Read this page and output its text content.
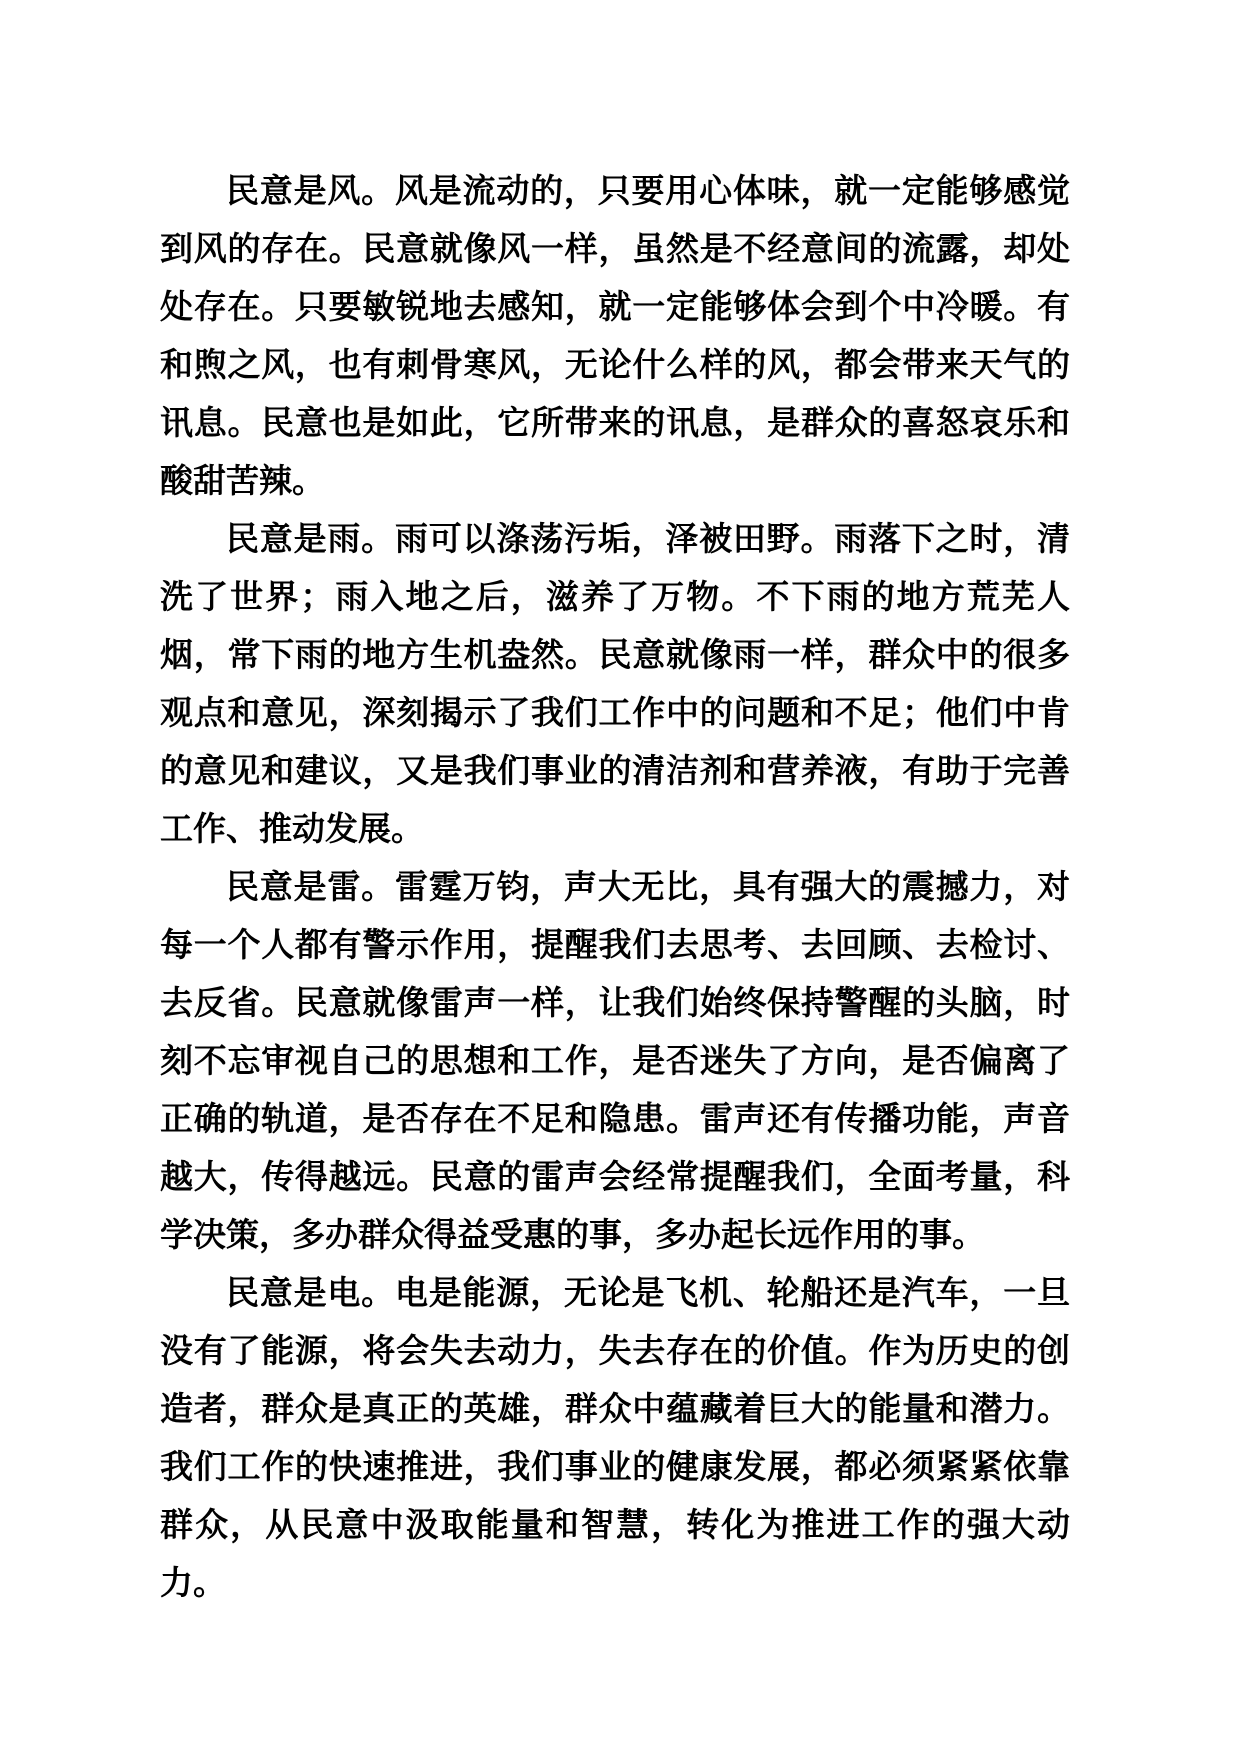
民意是风。风是流动的，只要用心体味，就一定能够感觉到风的存在。民意就像风一样，虽然是不经意间的流露，却处处存在。只要敏锐地去感知，就一定能够体会到个中冷暖。有和煦之风，也有刺骨寒风，无论什么样的风，都会带来天气的讯息。民意也是如此，它所带来的讯息，是群众的喜怒哀乐和酸甜苦辣。

民意是雨。雨可以涤荡污垢，泽被田野。雨落下之时，清洗了世界；雨入地之后，滋养了万物。不下雨的地方荒芜人烟，常下雨的地方生机盎然。民意就像雨一样，群众中的很多观点和意见，深刻揭示了我们工作中的问题和不足；他们中肯的意见和建议，又是我们事业的清洁剂和营养液，有助于完善工作、推动发展。

民意是雷。雷霆万钧，声大无比，具有强大的震撼力，对每一个人都有警示作用，提醒我们去思考、去回顾、去检讨、去反省。民意就像雷声一样，让我们始终保持警醒的头脑，时刻不忘审视自己的思想和工作，是否迷失了方向，是否偏离了正确的轨道，是否存在不足和隐患。雷声还有传播功能，声音越大，传得越远。民意的雷声会经常提醒我们，全面考量，科学决策，多办群众得益受惠的事，多办起长远作用的事。

民意是电。电是能源，无论是飞机、轮船还是汽车，一旦没有了能源，将会失去动力，失去存在的价值。作为历史的创造者，群众是真正的英雄，群众中蕴藏着巨大的能量和潜力。我们工作的快速推进，我们事业的健康发展，都必须紧紧依靠群众，从民意中汲取能量和智慧，转化为推进工作的强大动力。
